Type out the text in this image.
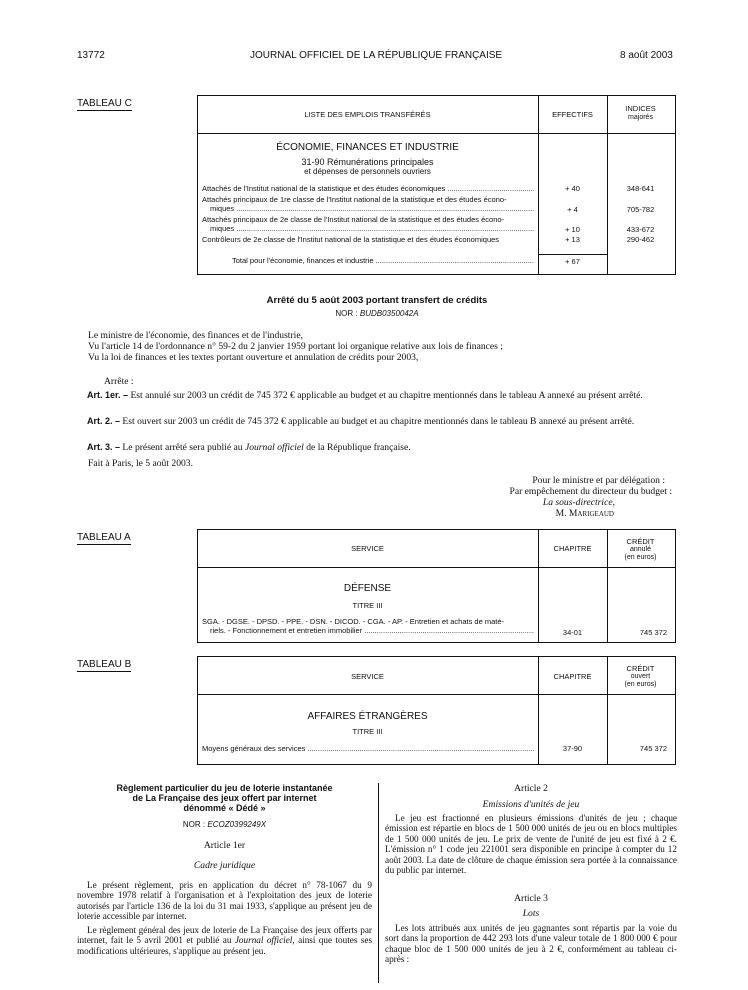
13772	JOURNAL OFFICIEL DE LA RÉPUBLIQUE FRANÇAISE	8 août 2003
TABLEAU C
LISTE DES EMPLOIS TRANSFÉRÉS	EFFECTIFS
INDICES
majorés
ÉCONOMIE, FINANCES ET INDUSTRIE
31-90 Rémunérations principales
et dépenses de personnels ouvriers
Attachés de l'Institut national de la statistique et des études économiques .....	+ 40	348-641
Attachés principaux de 1re classe de l'Institut national de la statistique et des études écono-
miques .....	+ 4	705-782
Attachés principaux de 2e classe de l'Institut national de la statistique et des études écono-
miques .....	+ 10	433-672
Contrôleurs de 2e classe de l'Institut national de la statistique et des études économiques	+ 13	290-462
Total pour l'économie, finances et industrie .....	+ 67
Arrêté du 5 août 2003 portant transfert de crédits
NOR : BUDB0350042A

Le ministre de l'économie, des finances et de l'industrie,

Vu l'article 14 de l'ordonnance n° 59-2 du 2 janvier 1959 portant loi organique relative aux lois de finances ;

Vu la loi de finances et les textes portant ouverture et annulation de crédits pour 2003,

Arrête :
Art. 1er. – Est annulé sur 2003 un crédit de 745 372 € applicable au budget et au chapitre mentionnés dans le tableau A annexé au présent arrêté.
Art. 2. – Est ouvert sur 2003 un crédit de 745 372 € applicable au budget et au chapitre mentionnés dans le tableau B annexé au présent arrêté.
Art. 3. – Le présent arrêté sera publié au Journal officiel de la République française.
Fait à Paris, le 5 août 2003.

Pour le ministre et par délégation :

Par empêchement du directeur du budget :

La sous-directrice,

M. Marigeaud

TABLEAU A
SERVICE	CHAPITRE
CRÉDIT
annulé
(en euros)
DÉFENSE
TITRE III
SGA. - DGSE. - DPSD. - PPE. - DSN. - DICOD. - CGA. - AP. - Entretien et achats de maté-
riels. - Fonctionnement et entretien immobilier .....	34-01	745 372
TABLEAU B
SERVICE	CHAPITRE
CRÉDIT
ouvert
(en euros)
AFFAIRES ÉTRANGÈRES
TITRE III
Moyens généraux des services .....	37-90	745 372

Règlement particulier du jeu de loterie instantanée

de La Française des jeux offert par internet

dénommé « Dédé »

NOR : ECOZ0399249X
Article 1er
Cadre juridique
Le présent règlement, pris en application du décret n° 78-1067 du 9 novembre 1978 relatif à l'organisation et à l'exploitation des jeux de loterie autorisés par l'article 136 de la loi du 31 mai 1933, s'applique au présent jeu de loterie accessible par internet.
Le règlement général des jeux de loterie de La Française des jeux offerts par internet, fait le 5 avril 2001 et publié au Journal officiel, ainsi que toutes ses modifications ultérieures, s'applique au présent jeu.
Article 2
Emissions d'unités de jeu
Le jeu est fractionné en plusieurs émissions d'unités de jeu ; chaque émission est répartie en blocs de 1 500 000 unités de jeu ou en blocs multiples de 1 500 000 unités de jeu. Le prix de vente de l'unité de jeu est fixé à 2 €. L'émission n° 1 code jeu 221001 sera disponible en principe à compter du 12 août 2003. La date de clôture de chaque émission sera portée à la connaissance du public par internet.
Article 3
Lots
Les lots attribués aux unités de jeu gagnantes sont répartis par la voie du sort dans la proportion de 442 293 lots d'une valeur totale de 1 800 000 € pour chaque bloc de 1 500 000 unités de jeu à 2 €, conformément au tableau ci-après :
